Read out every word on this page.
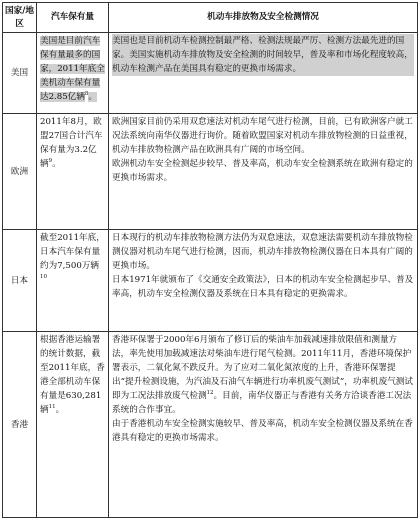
国家/地区	汽车保有量	机动车排放物及安全检测情况
美国	美国是目前汽车保有量最多的国家，2011年底全美机动车保有量达2.85亿辆$^8$。	美国也是目前机动车检测控制最严格、检测法规最严厉、检测方法最先进的国家。美国实施机动车排放物及安全检测的时间较早，普及率和市场化程度较高，机动车检测产品在美国具有稳定的更换市场需求。

欧洲	2011年8月，欧盟27国合计汽车保有量为3.2亿辆$^9$。	欧洲国家目前仍采用双怠速法对机动车尾气进行检测，目前，已有欧洲客户就工况法系统向南华仪器进行询价。随着欧盟国家对机动车排放物检测的日益重视，机动车排放物检测产品在欧洲具有广阔的市场空间。
欧洲机动车安全检测起步较早、普及率高，机动车安全检测系统在欧洲有稳定的更换市场需求。

日本	截至2011年底，日本汽车保有量约为7,500万辆$^{10}$	日本现行的机动车排放物检测方法仍为双怠速法，双怠速法需要机动车排放物检测仪器对机动车尾气进行检测，因而，机动车排放物检测仪器在日本具有广阔的更换市场。
日本1971年就颁布了《交通安全政策法》，日本的机动车安全检测起步早、普及率高，机动车安全检测仪器及系统在日本具有稳定的更换需求。

香港	根据香港运输署的统计数据，截至2011年底，香港全部机动车保有量是630,281辆$^{11}$。	香港环保署于2000年6月颁布了修订后的柴油车加载减速排放限值和测量方法，率先使用加载减速法对柴油车进行尾气检测。2011年11月，香港环境保护署表示，二氧化氮不跌反升。为了应对二氧化氮浓度的上升，香港环保署提出“提升检测设施，为汽油及石油气车辆进行功率机废气测试”，功率机废气测试即为工况法排放废气检测$^{12}$。目前，南华仪器正与香港有关务方洽谈香港工况法系统的合作事宜。
由于香港机动车安全检测实施较早、普及率高，机动车安全检测仪器及系统在香港具有稳定的更换市场需求。
